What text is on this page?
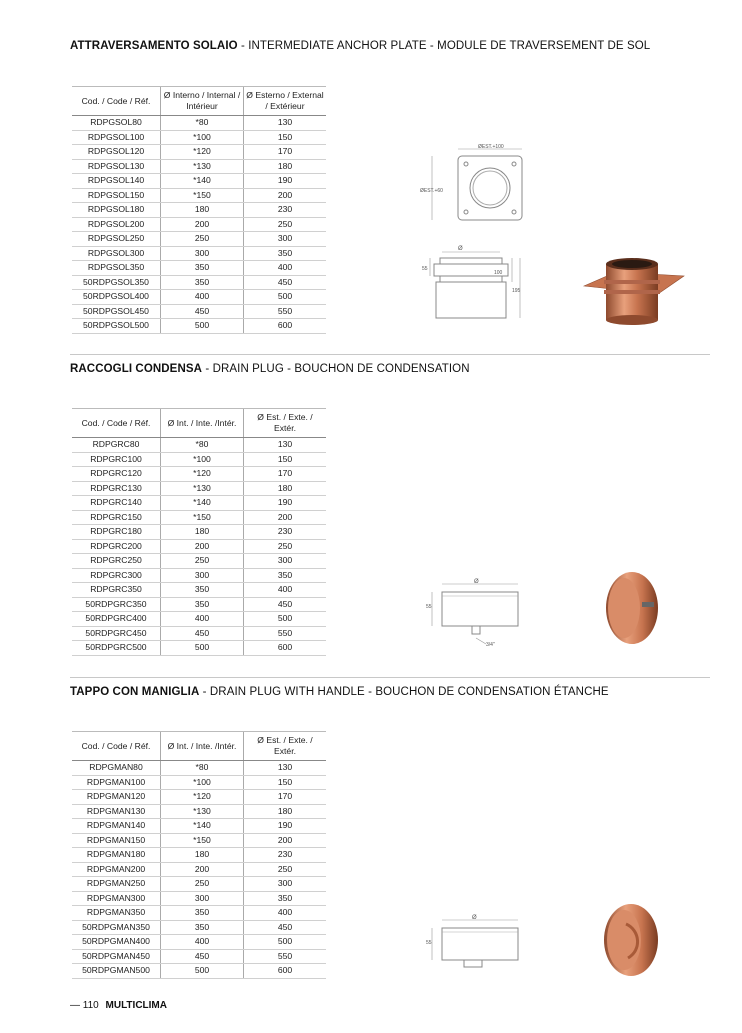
ATTRAVERSAMENTO SOLAIO - INTERMEDIATE ANCHOR PLATE - MODULE DE TRAVERSEMENT DE SOL
Cod. / Code / Réf.	Ø Interno / Internal / Intérieur	Ø Esterno / External / Extérieur
RDPGSOL80	*80	130
RDPGSOL100	*100	150
RDPGSOL120	*120	170
RDPGSOL130	*130	180
RDPGSOL140	*140	190
RDPGSOL150	*150	200
RDPGSOL180	180	230
RDPGSOL200	200	250
RDPGSOL250	250	300
RDPGSOL300	300	350
RDPGSOL350	350	400
50RDPGSOL350	350	450
50RDPGSOL400	400	500
50RDPGSOL450	450	550
50RDPGSOL500	500	600
ØEST.+100
ØEST.+60
Ø
55
100
195
RACCOGLI CONDENSA - DRAIN PLUG - BOUCHON DE CONDENSATION
Cod. / Code / Réf.	Ø Int. / Inte. /Intér.	Ø Est. / Exte. / Extér.
RDPGRC80	*80	130
RDPGRC100	*100	150
RDPGRC120	*120	170
RDPGRC130	*130	180
RDPGRC140	*140	190
RDPGRC150	*150	200
RDPGRC180	180	230
RDPGRC200	200	250
RDPGRC250	250	300
RDPGRC300	300	350
RDPGRC350	350	400
50RDPGRC350	350	450
50RDPGRC400	400	500
50RDPGRC450	450	550
50RDPGRC500	500	600
Ø
55
3/4"
TAPPO CON MANIGLIA - DRAIN PLUG WITH HANDLE - BOUCHON DE CONDENSATION ÉTANCHE
Cod. / Code / Réf.	Ø Int. / Inte. /Intér.	Ø Est. / Exte. / Extér.
RDPGMAN80	*80	130
RDPGMAN100	*100	150
RDPGMAN120	*120	170
RDPGMAN130	*130	180
RDPGMAN140	*140	190
RDPGMAN150	*150	200
RDPGMAN180	180	230
RDPGMAN200	200	250
RDPGMAN250	250	300
RDPGMAN300	300	350
RDPGMAN350	350	400
50RDPGMAN350	350	450
50RDPGMAN400	400	500
50RDPGMAN450	450	550
50RDPGMAN500	500	600
Ø
55
— 110 MULTICLIMA
